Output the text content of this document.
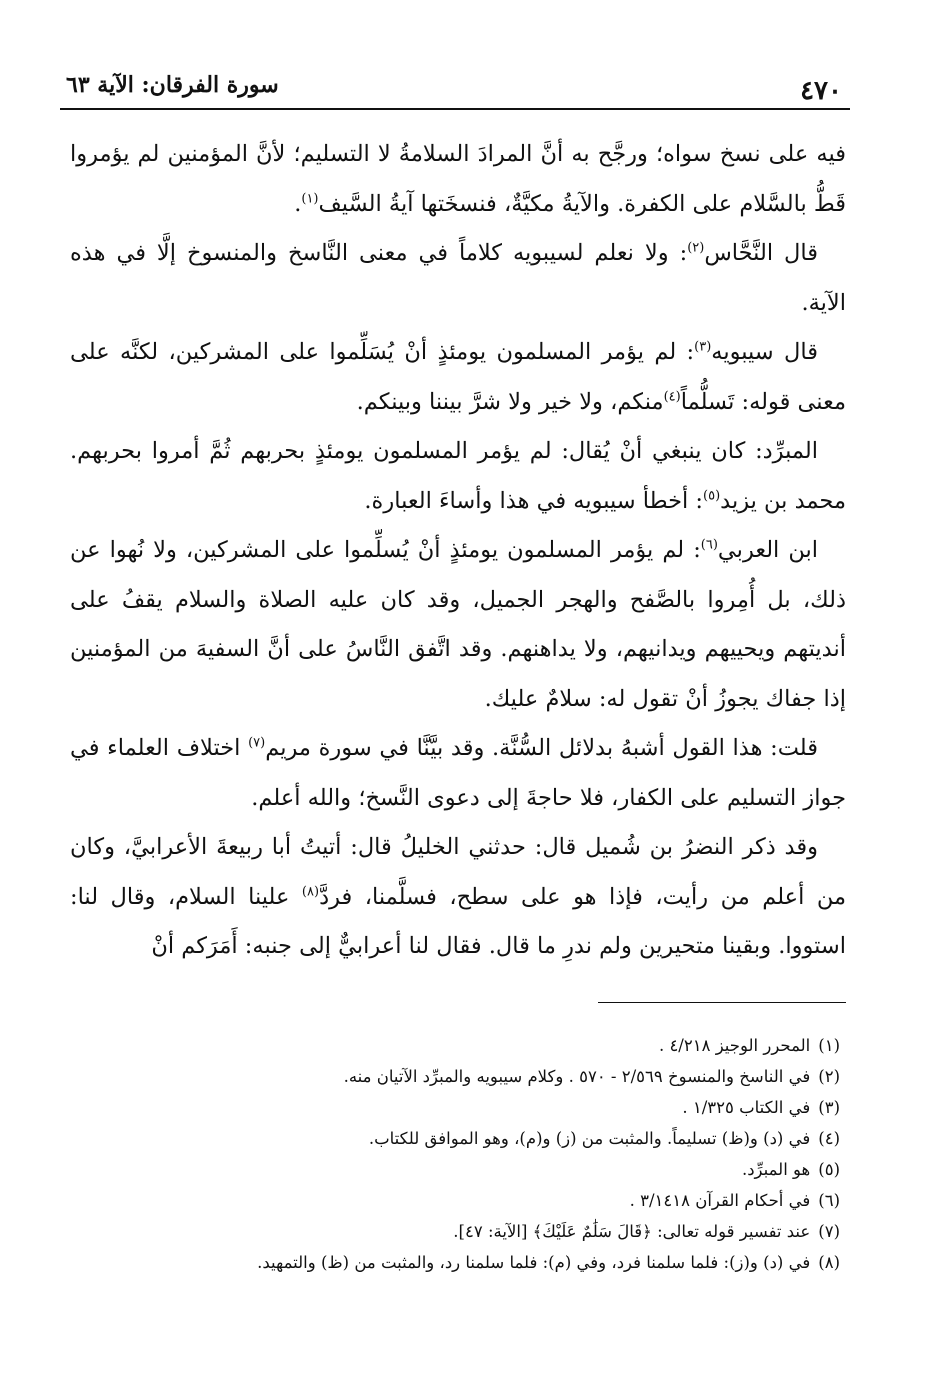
٤٧٠
سورة الفرقان: الآية ٦٣

فيه على نسخ سواه؛ ورجَّح به أنَّ المرادَ السلامةُ لا التسليم؛ لأنَّ المؤمنين لم يؤمروا قَطُّ بالسَّلام على الكفرة. والآيةُ مكيَّةٌ، فنسخَتها آيةُ السَّيف$^{(١)}$.

قال النَّحَّاس$^{(٢)}$: ولا نعلم لسيبويه كلاماً في معنى النَّاسخ والمنسوخ إلَّا في هذه الآية.

قال سيبويه$^{(٣)}$: لم يؤمر المسلمون يومئذٍ أنْ يُسَلِّموا على المشركين، لكنَّه على معنى قوله: تَسلُّماً$^{(٤)}$منكم، ولا خير ولا شرَّ بيننا وبينكم.

المبرِّد: كان ينبغي أنْ يُقال: لم يؤمر المسلمون يومئذٍ بحربهم ثُمَّ أمروا بحربهم. محمد بن يزيد$^{(٥)}$: أخطأ سيبويه في هذا وأساءَ العبارة.

ابن العربي$^{(٦)}$: لم يؤمر المسلمون يومئذٍ أنْ يُسلِّموا على المشركين، ولا نُهوا عن ذلك، بل أُمِروا بالصَّفح والهجر الجميل، وقد كان عليه الصلاة والسلام يقفُ على أنديتهم ويحييهم ويدانيهم، ولا يداهنهم. وقد اتَّفق النَّاسُ على أنَّ السفيهَ من المؤمنين إذا جفاك يجوزُ أنْ تقول له: سلامٌ عليك.

قلت: هذا القول أشبهُ بدلائل السُّنَّة. وقد بيَّنَّا في سورة مريم$^{(٧)}$ اختلاف العلماء في جواز التسليم على الكفار، فلا حاجةَ إلى دعوى النَّسخ؛ والله أعلم.

وقد ذكر النضرُ بن شُميل قال: حدثني الخليلُ قال: أتيتُ أبا ربيعةَ الأعرابيَّ، وكان من أعلم من رأيت، فإذا هو على سطح، فسلَّمنا، فردَّ$^{(٨)}$ علينا السلام، وقال لنا: استووا. وبقينا متحيرين ولم ندرِ ما قال. فقال لنا أعرابيٌّ إلى جنبه: أَمَرَكم أنْ

(١)المحرر الوجيز ٤/٢١٨ .

(٢)في الناسخ والمنسوخ ٢/٥٦٩ - ٥٧٠ . وكلام سيبويه والمبرِّد الآتيان منه.

(٣)في الكتاب ١/٣٢٥ .

(٤)في (د) و(ظ) تسليماً. والمثبت من (ز) و(م)، وهو الموافق للكتاب.

(٥)هو المبرِّد.

(٦)في أحكام القرآن ٣/١٤١٨ .

(٧)عند تفسير قوله تعالى: ﴿قَالَ سَلَٰمٌ عَلَيْكَ﴾ [الآية: ٤٧].

(٨)في (د) و(ز): فلما سلمنا فرد، وفي (م): فلما سلمنا رد، والمثبت من (ظ) والتمهيد.
